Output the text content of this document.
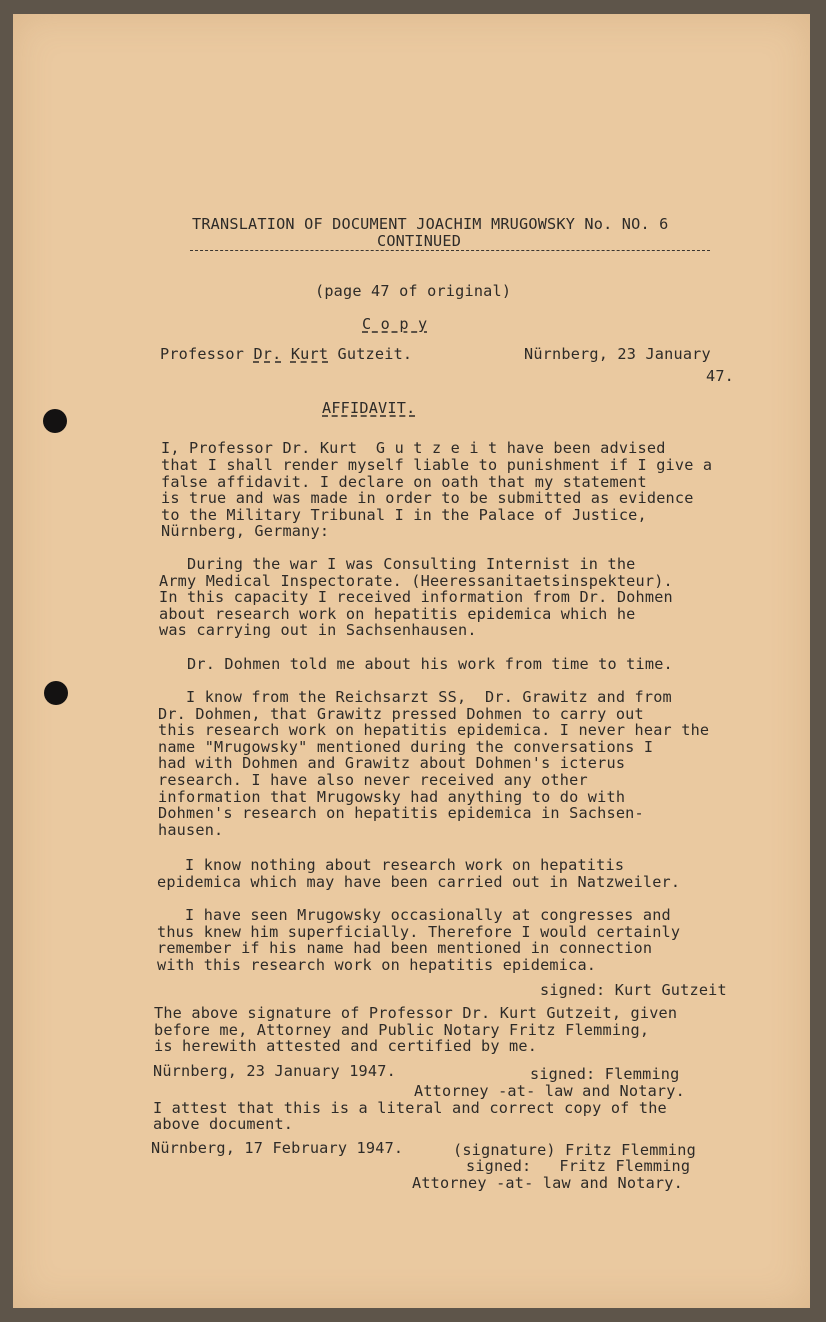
TRANSLATION OF DOCUMENT JOACHIM MRUGOWSKY No. NO. 6
CONTINUED
(page 47 of original)
C o p y
Professor Dr. Kurt Gutzeit.	Nürnberg, 23 January
47.
AFFIDAVIT.
I, Professor Dr. Kurt  G u t z e i t have been advised
that I shall render myself liable to punishment if I give a
false affidavit. I declare on oath that my statement
is true and was made in order to be submitted as evidence
to the Military Tribunal I in the Palace of Justice,
Nürnberg, Germany:
During the war I was Consulting Internist in the
Army Medical Inspectorate. (Heeressanitaetsinspekteur).
In this capacity I received information from Dr. Dohmen
about research work on hepatitis epidemica which he
was carrying out in Sachsenhausen.
Dr. Dohmen told me about his work from time to time.
I know from the Reichsarzt SS,  Dr. Grawitz and from
Dr. Dohmen, that Grawitz pressed Dohmen to carry out
this research work on hepatitis epidemica. I never hear the
name "Mrugowsky" mentioned during the conversations I
had with Dohmen and Grawitz about Dohmen's icterus
research. I have also never received any other
information that Mrugowsky had anything to do with
Dohmen's research on hepatitis epidemica in Sachsen-
hausen.
I know nothing about research work on hepatitis
epidemica which may have been carried out in Natzweiler.
I have seen Mrugowsky occasionally at congresses and
thus knew him superficially. Therefore I would certainly
remember if his name had been mentioned in connection
with this research work on hepatitis epidemica.
signed: Kurt Gutzeit
The above signature of Professor Dr. Kurt Gutzeit, given
before me, Attorney and Public Notary Fritz Flemming,
is herewith attested and certified by me.
Nürnberg, 23 January 1947.	signed: Flemming
Attorney -at- law and Notary.
I attest that this is a literal and correct copy of the
above document.
Nürnberg, 17 February 1947.	(signature) Fritz Flemming
signed:   Fritz Flemming
Attorney -at- law and Notary.
